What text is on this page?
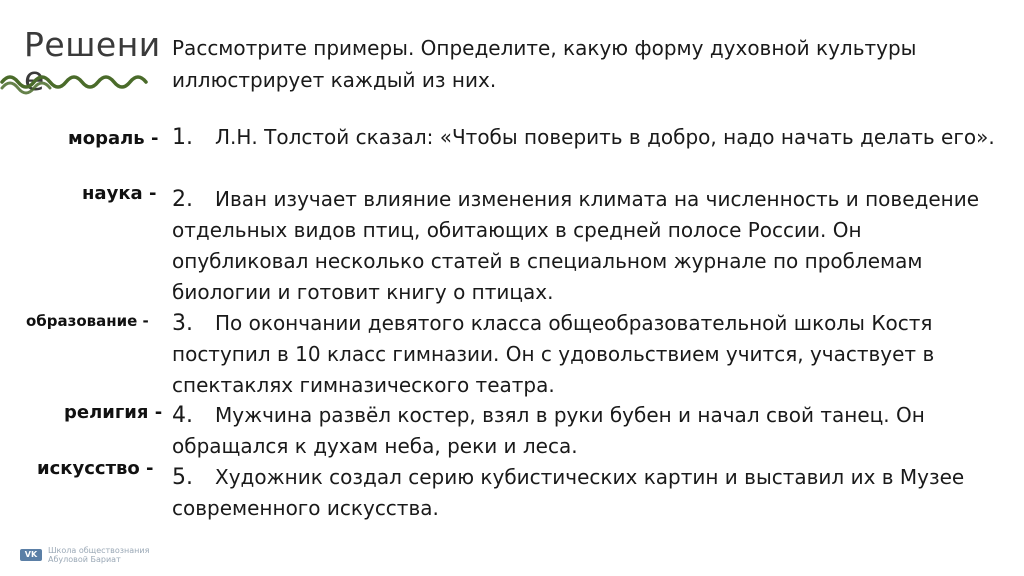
Решение
Рассмотрите примеры. Определите, какую форму духовной культуры иллюстрирует каждый из них.
1. Л.Н. Толстой сказал: «Чтобы поверить в добро, надо начать делать его».
мораль -
2. Иван изучает влияние изменения климата на численность и поведение отдельных видов птиц, обитающих в средней полосе России. Он опубликовал несколько статей в специальном журнале по проблемам биологии и готовит книгу о птицах.
наука -
3. По окончании девятого класса общеобразовательной школы Костя поступил в 10 класс гимназии. Он с удовольствием учится, участвует в спектаклях гимназического театра.
образование -
4. Мужчина развёл костер, взял в руки бубен и начал свой танец. Он обращался к духам неба, реки и леса.
религия -
5. Художник создал серию кубистических картин и выставил их в Музее современного искусства.
искусство -
VK	Школа обществознания
Абуловой Бариат
